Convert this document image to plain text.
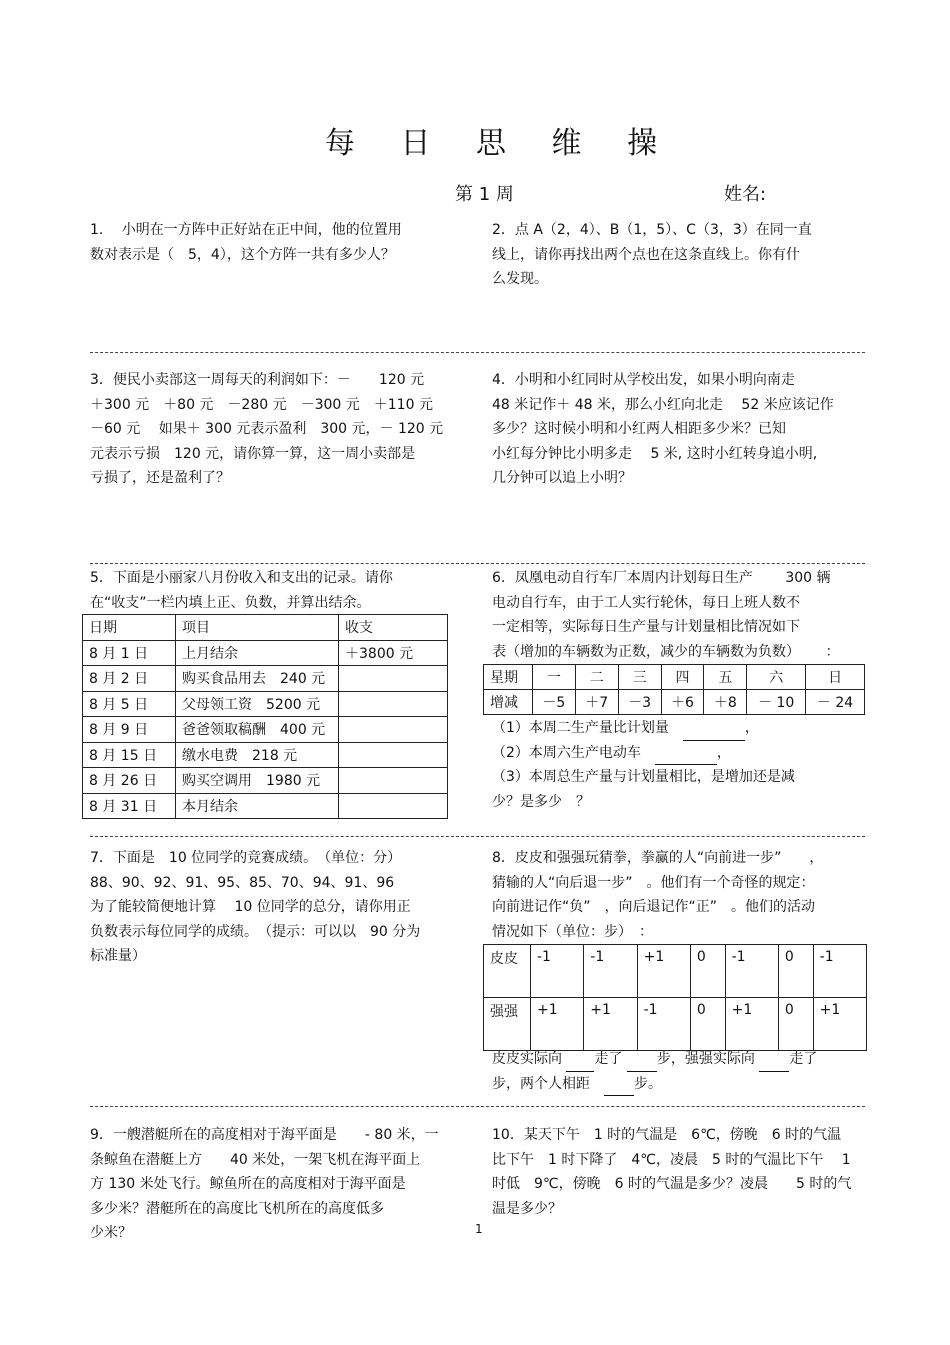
每 日 思 维 操
第 1 周	姓名:

1.　 小明在一方阵中正好站在正中间，他的位置用

数对表示是（　5，4），这个方阵一共有多少人？

2．点 A（2，4）、B（1，5）、C（3，3）在同一直

线上，请你再找出两个点也在这条直线上。你有什

么发现。

3．便民小卖部这一周每天的利润如下：－　　120 元

＋300 元　＋80 元　－280 元　－300 元　＋110 元

－60 元　 如果＋ 300 元表示盈利　300 元，－ 120 元

元表示亏损　120 元，请你算一算，这一周小卖部是

亏损了，还是盈利了？

4．小明和小红同时从学校出发，如果小明向南走

48 米记作＋ 48 米，那么小红向北走　 52 米应该记作

多少？这时候小明和小红两人相距多少米？已知

小红每分钟比小明多走　 5 米, 这时小红转身追小明,

几分钟可以追上小明？

5．下面是小丽家八月份收入和支出的记录。请你

在“收支”一栏内填上正、负数，并算出结余。

日期	项目	收支
8 月 1 日	上月结余	＋3800 元
8 月 2 日	购买食品用去　240 元	
8 月 5 日	父母领工资　5200 元	
8 月 9 日	爸爸领取稿酬　400 元	
8 月 15 日	缴水电费　218 元	
8 月 26 日	购买空调用　1980 元	
8 月 31 日	本月结余	

6．凤凰电动自行车厂本周内计划每日生产　　 300 辆

电动自行车，由于工人实行轮休，每日上班人数不

一定相等，实际每日生产量与计划量相比情况如下

表（增加的车辆数为正数，减少的车辆数为负数）　　 ：

星期	一	二	三	四	五	六	日
增减	－5	＋7	－3	＋6	＋8	－ 10	－ 24

（1）本周二生产量比计划量　	，

（2）本周六生产电动车　	，

（3）本周总生产量与计划量相比，是增加还是减

少？是多少　？

7．下面是　10 位同学的竞赛成绩。　（单位：分）

88、90、92、91、95、85、70、94、91、96

为了能较简便地计算　 10 位同学的总分，请你用正

负数表示每位同学的成绩。　（提示：可以以　90 分为

标准量）

8．皮皮和强强玩猜拳，拳赢的人“向前进一步”　　，

猜输的人“向后退一步”　。他们有一个奇怪的规定：

向前进记作“负”　，向后退记作“正”　。他们的活动

情况如下（单位：步）　：

皮皮	-1	-1	+1	0	-1	0	-1
强强	+1	+1	-1	0	+1	0	+1

皮皮实际向 走了 步，强强实际向 走了

步，两个人相距　	步。

9．一艘潜艇所在的高度相对于海平面是　　- 80 米，一

条鲸鱼在潜艇上方　　40 米处，一架飞机在海平面上

方 130 米处飞行。鲸鱼所在的高度相对于海平面是

多少米？潜艇所在的高度比飞机所在的高度低多

少米？

10．某天下午　1 时的气温是　6℃，傍晚　6 时的气温

比下午　1 时下降了　4℃，凌晨　5 时的气温比下午　 1

时低　9℃，傍晚　6 时的气温是多少？凌晨　　5 时的气

温是多少？

1
